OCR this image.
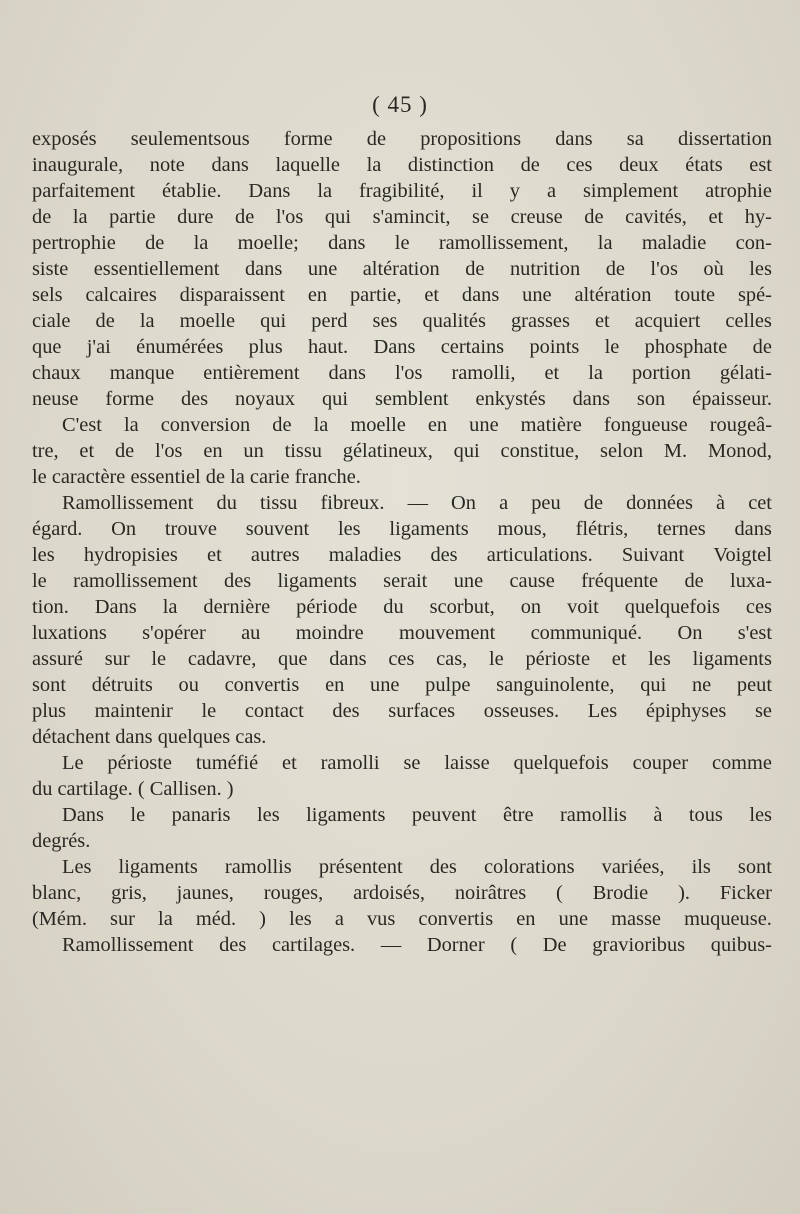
( 45 )
exposés seulementsous forme de propositions dans sa dissertation
inaugurale, note dans laquelle la distinction de ces deux états est
parfaitement établie. Dans la fragibilité, il y a simplement atrophie
de la partie dure de l'os qui s'amincit, se creuse de cavités, et hy-
pertrophie de la moelle; dans le ramollissement, la maladie con-
siste essentiellement dans une altération de nutrition de l'os où les
sels calcaires disparaissent en partie, et dans une altération toute spé-
ciale de la moelle qui perd ses qualités grasses et acquiert celles
que j'ai énumérées plus haut. Dans certains points le phosphate de
chaux manque entièrement dans l'os ramolli, et la portion gélati-
neuse forme des noyaux qui semblent enkystés dans son épaisseur.
C'est la conversion de la moelle en une matière fongueuse rougeâ-
tre, et de l'os en un tissu gélatineux, qui constitue, selon M. Monod,
le caractère essentiel de la carie franche.
Ramollissement du tissu fibreux. — On a peu de données à cet
égard. On trouve souvent les ligaments mous, flétris, ternes dans
les hydropisies et autres maladies des articulations. Suivant Voigtel
le ramollissement des ligaments serait une cause fréquente de luxa-
tion. Dans la dernière période du scorbut, on voit quelquefois ces
luxations s'opérer au moindre mouvement communiqué. On s'est
assuré sur le cadavre, que dans ces cas, le périoste et les ligaments
sont détruits ou convertis en une pulpe sanguinolente, qui ne peut
plus maintenir le contact des surfaces osseuses. Les épiphyses se
détachent dans quelques cas.
Le périoste tuméfié et ramolli se laisse quelquefois couper comme
du cartilage. ( Callisen. )
Dans le panaris les ligaments peuvent être ramollis à tous les
degrés.
Les ligaments ramollis présentent des colorations variées, ils sont
blanc, gris, jaunes, rouges, ardoisés, noirâtres ( Brodie ). Ficker
(Mém. sur la méd. ) les a vus convertis en une masse muqueuse.
Ramollissement des cartilages. — Dorner ( De gravioribus quibus-
